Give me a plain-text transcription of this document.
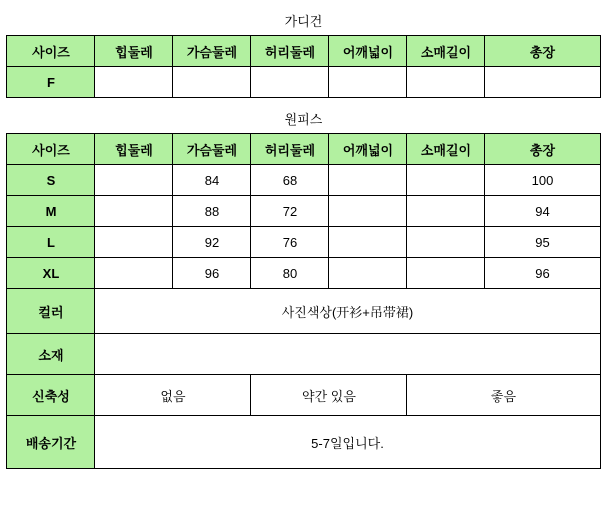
가디건						
사이즈	힙둘레	가슴둘레	허리둘레	어깨넓이	소매길이	총장
F						
원피스						
사이즈	힙둘레	가슴둘레	허리둘레	어깨넓이	소매길이	총장
S		84	68			100
M		88	72			94
L		92	76			95
XL		96	80			96
컬러	사진색상(开衫+吊带裙)					
소재						
신축성	없음		약간 있음		좋음	
배송기간	5-7일입니다.					
